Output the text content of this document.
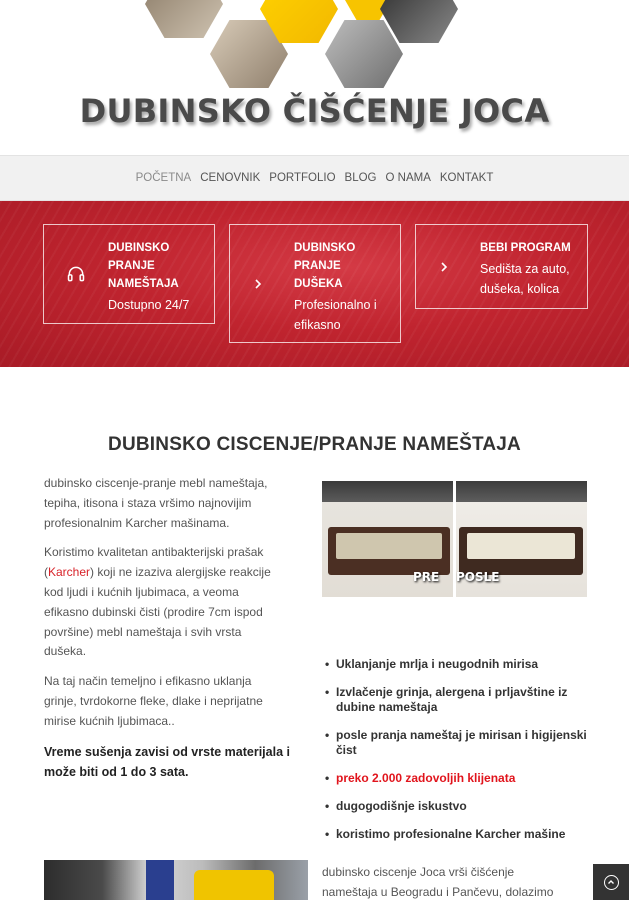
DUBINSKO ČIŠĆENJE JOCA
POČETNA CENOVNIK PORTFOLIO BLOG O NAMA KONTAKT
DUBINSKO
PRANJE
NAMEŠTAJA
Dostupno 24/7
DUBINSKO
PRANJE
DUŠEKA
Profesionalno i
efikasno
BEBI PROGRAM
Sedišta za auto,
dušeka, kolica
DUBINSKO CISCENJE/PRANJE NAMEŠTAJA

dubinsko ciscenje-pranje mebl nameštaja,
tepiha, itisona i staza vršimo najnovijim
profesionalnim Karcher mašinama.

Koristimo kvalitetan antibakterijski prašak
(Karcher) koji ne izaziva alergijske reakcije
kod ljudi i kućnih ljubimaca, a veoma
efikasno dubinski čisti (prodire 7cm ispod
površine) mebl nameštaja i svih vrsta
dušeka.

Na taj način temeljno i efikasno uklanja
grinje, tvrdokorne fleke, dlake i neprijatne
mirise kućnih ljubimaca..

Vreme sušenja zavisi od vrste materijala i
može biti od 1 do 3 sata.

PRE POSLE
• Uklanjanje mrlja i neugodnih mirisa
• Izvlačenje grinja, alergena i prljavštine iz dubine nameštaja
• posle pranja nameštaj je mirisan i higijenski čist
• preko 2.000 zadovoljih klijenata
• dugogodišnje iskustvo
• koristimo profesionalne Karcher mašine
dubinsko ciscenje Joca vrši čišćenje
nameštaja u Beogradu i Pančevu, dolazimo
